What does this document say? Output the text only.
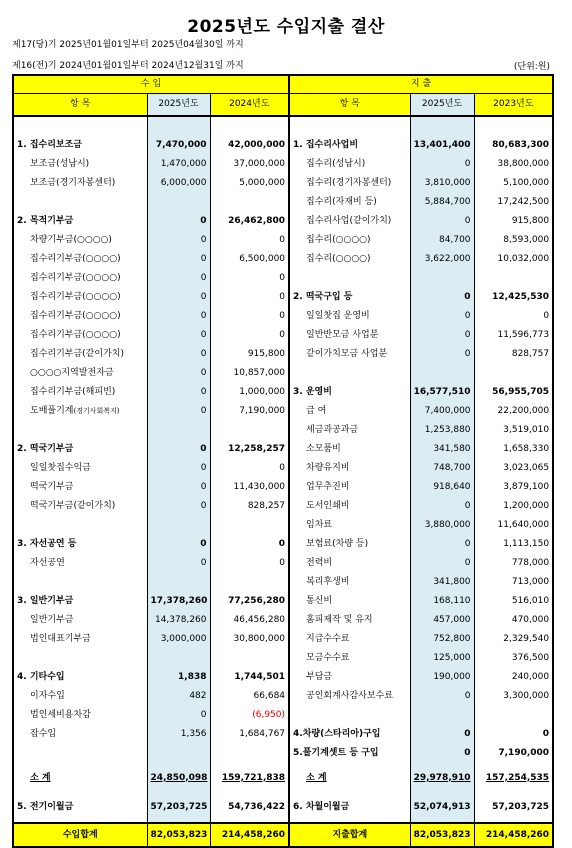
2025년도 수입지출 결산
제17(당)기 2025년01월01일부터 2025년04월30일 까지
제16(전)기 2024년01월01일부터 2024년12월31일 까지	(단위:원)
수 입			지 출		
항 목	2025년도	2024년도	항 목	2025년도	2023년도

1. 집수리보조금	7,470,000	42,000,000	1. 집수리사업비	13,401,400	80,683,300
보조금(성남시)	1,470,000	37,000,000	집수리(성남시)	0	38,800,000
보조금(경기자봉센터)	6,000,000	5,000,000	집수리(경기자봉센터)	3,810,000	5,100,000
			집수리(자재비 등)	5,884,700	17,242,500
2. 목적기부금	0	26,462,800	집수리사업(같이가치)	0	915,800
차량기부금(○○○○)	0	0	집수리(○○○○)	84,700	8,593,000
집수리기부금(○○○○)	0	6,500,000	집수리(○○○○)	3,622,000	10,032,000
집수리기부금(○○○○)	0	0			
집수리기부금(○○○○)	0	0	2. 떡국구입 등	0	12,425,530
집수리기부금(○○○○)	0	0	일일찻집 운영비	0	0
집수리기부금(○○○○)	0	0	일반반모금 사업분	0	11,596,773
집수리기부금(같이가치)	0	915,800	같이가치모금 사업분	0	828,757
○○○○지역발전자금	0	10,857,000			
집수리기부금(해피빈)	0	1,000,000	3. 운영비	16,577,510	56,955,705
도배풀기계(경기사회복지)	0	7,190,000	급 여	7,400,000	22,200,000
			세금과공과금	1,253,880	3,519,010
2. 떡국기부금	0	12,258,257	소모품비	341,580	1,658,330
일일찻집수익금	0	0	차량유지비	748,700	3,023,065
떡국기부금	0	11,430,000	업무추진비	918,640	3,879,100
떡국기부금(같이가치)	0	828,257	도서인쇄비	0	1,200,000
			임차료	3,880,000	11,640,000
3. 자선공연 등	0	0	보험료(차량 등)	0	1,113,150
자선공연	0	0	전력비	0	778,000
			복리후생비	341,800	713,000
3. 일반기부금	17,378,260	77,256,280	통신비	168,110	516,010
일반기부금	14,378,260	46,456,280	홈피제작 및 유지	457,000	470,000
법인대표기부금	3,000,000	30,800,000	지급수수료	752,800	2,329,540
			모금수수료	125,000	376,500
4. 기타수입	1,838	1,744,501	부담금	190,000	240,000
이자수입	482	66,684	공인회계사감사보수료	0	3,300,000
법인세비용차감	0	(6,950)			
잡수입	1,356	1,684,767	4.차량(스타리아)구입	0	0
			5.풀기계셋트 등 구입	0	7,190,000
소 계	24,850,098	159,721,838	소 계	29,978,910	157,254,535
5. 전기이월금	57,203,725	54,736,422	6. 차월이월금	52,074,913	57,203,725
수입합계	82,053,823	214,458,260	지출합계	82,053,823	214,458,260
